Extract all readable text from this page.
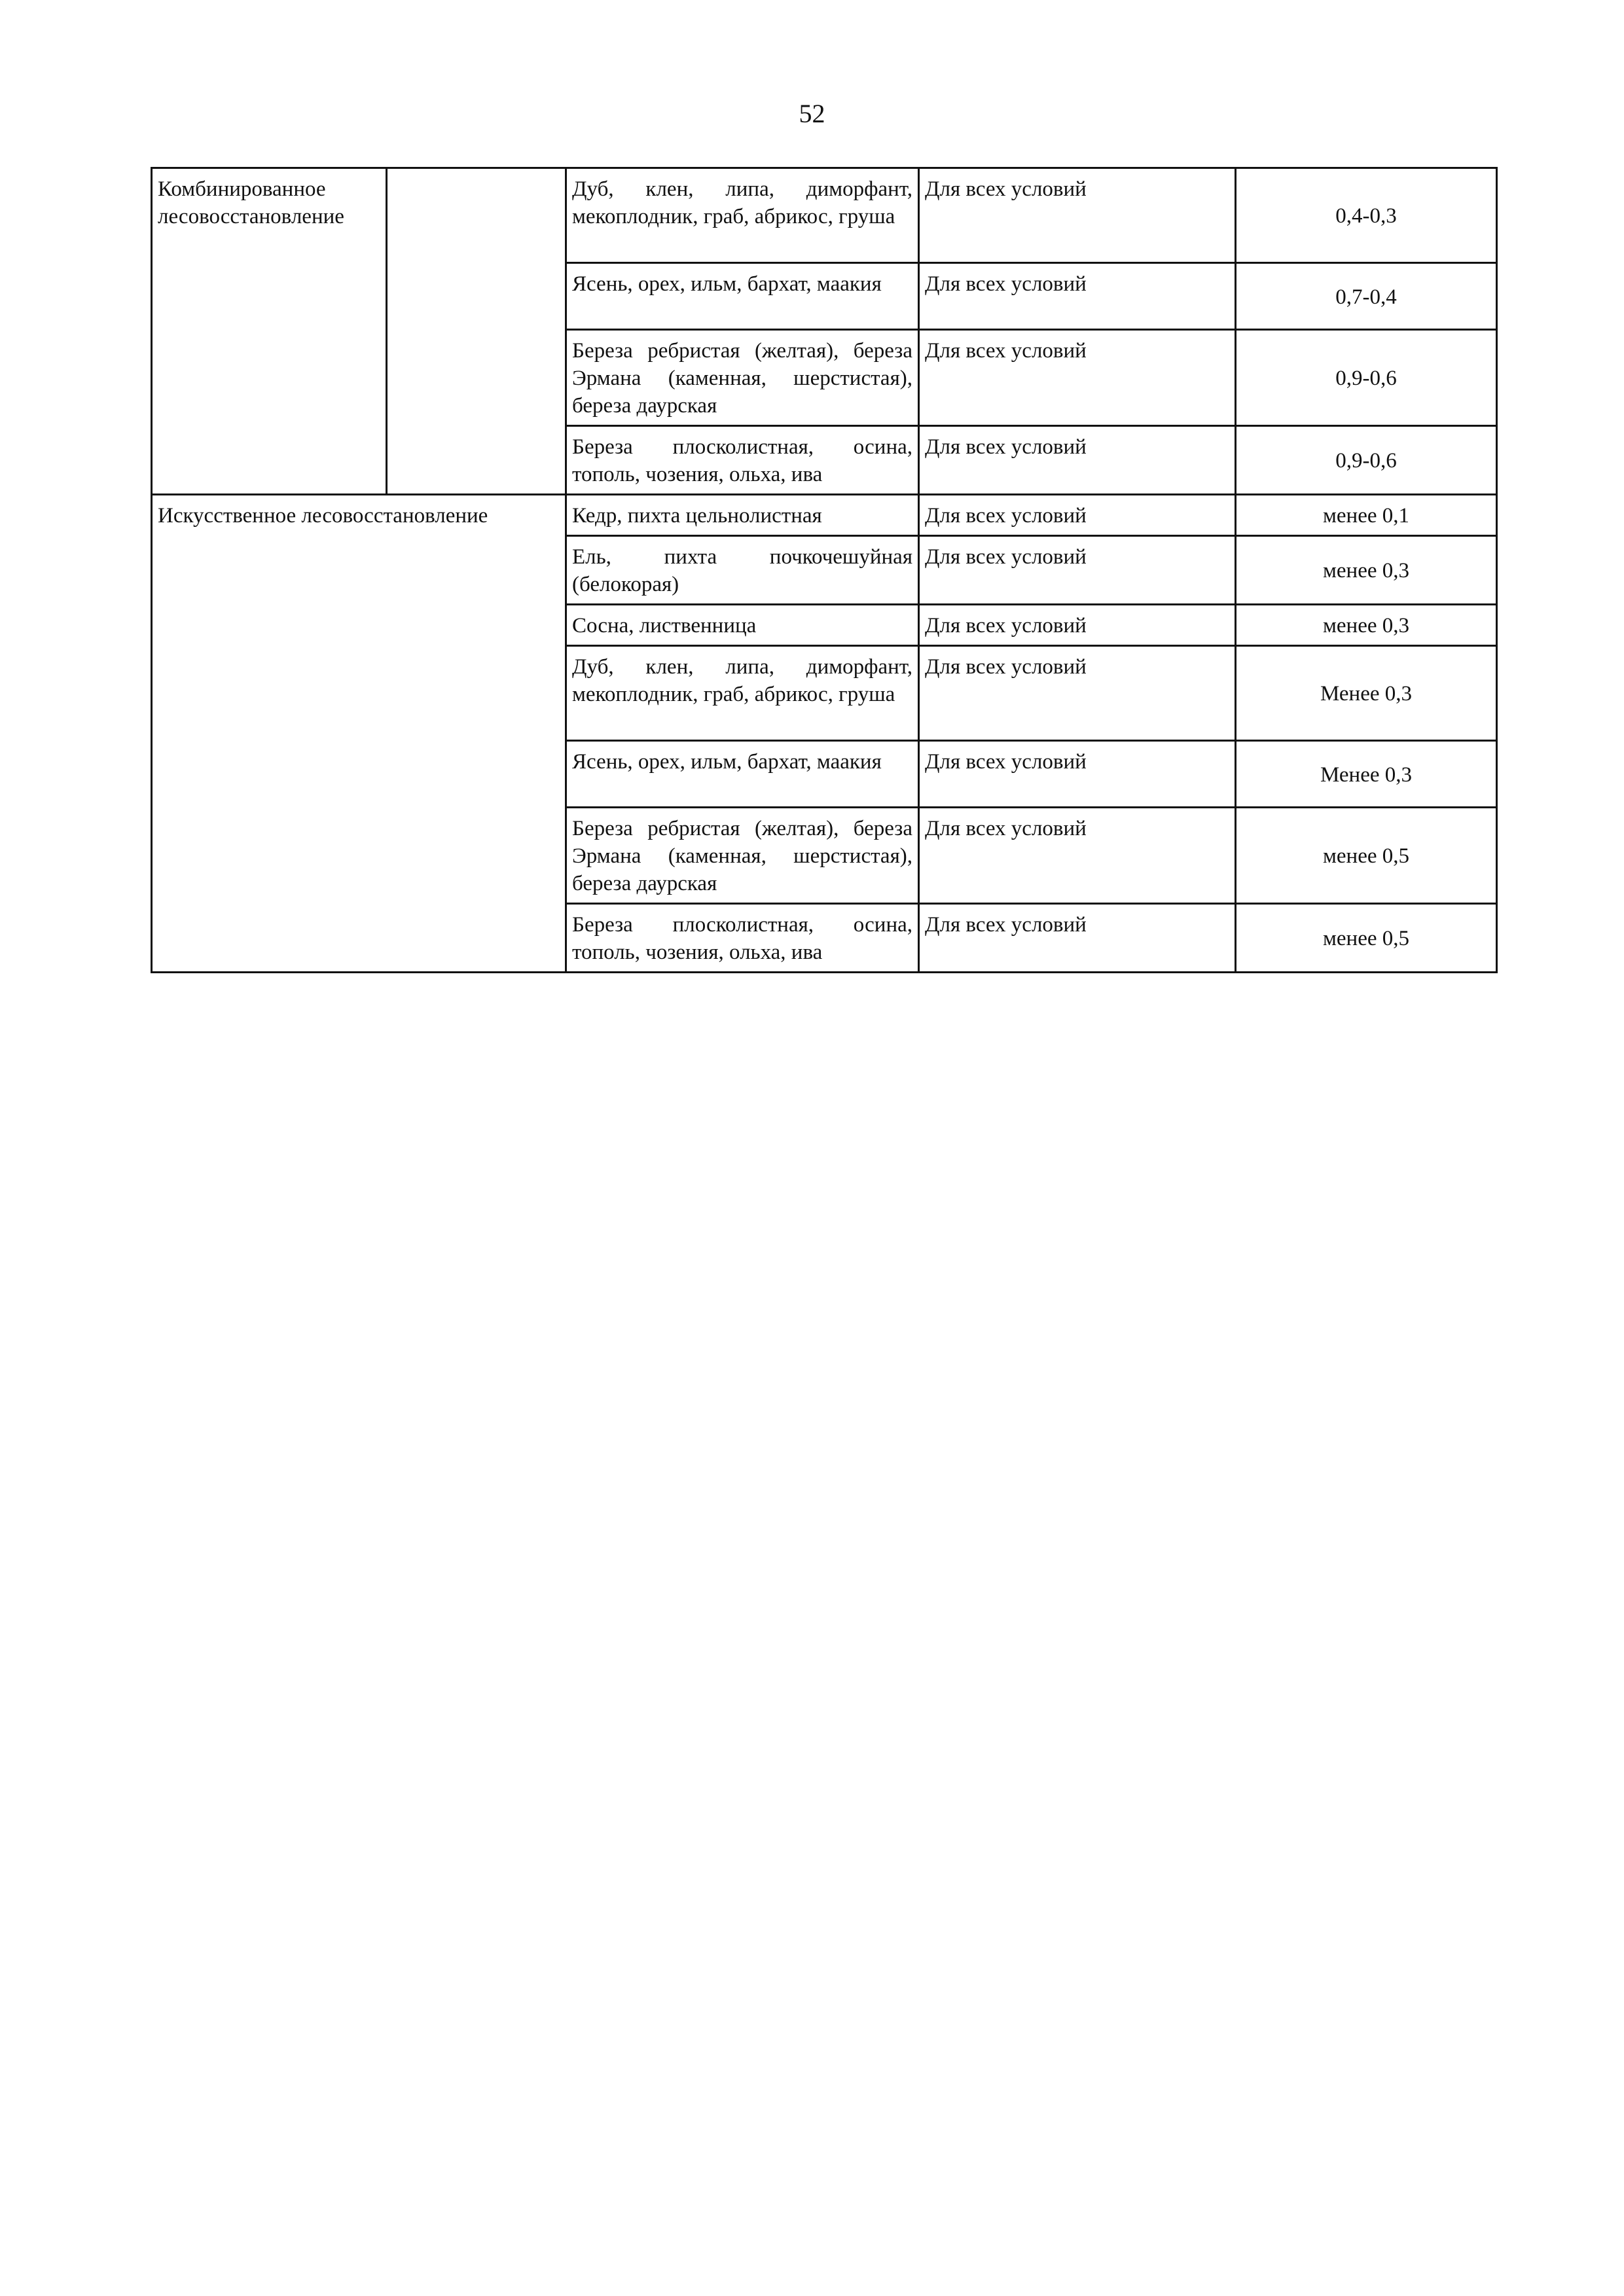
52
Комбинированное лесовосстановление		Дуб, клен, липа, диморфант, мекоплодник, граб, абрикос, груша	Для всех условий	0,4-0,3
		Ясень, орех, ильм, бархат, маакия	Для всех условий	0,7-0,4
		Береза ребристая (желтая), береза Эрмана (каменная, шерстистая), береза даурская	Для всех условий	0,9-0,6
		Береза плосколистная, осина, тополь, чозения, ольха, ива	Для всех условий	0,9-0,6
Искусственное лесовосстановление		Кедр, пихта цельнолистная	Для всех условий	менее 0,1
		Ель, пихта почкочешуйная (белокорая)	Для всех условий	менее 0,3
		Сосна, лиственница	Для всех условий	менее 0,3
		Дуб, клен, липа, диморфант, мекоплодник, граб, абрикос, груша	Для всех условий	Менее 0,3
		Ясень, орех, ильм, бархат, маакия	Для всех условий	Менее 0,3
		Береза ребристая (желтая), береза Эрмана (каменная, шерстистая), береза даурская	Для всех условий	менее 0,5
		Береза плосколистная, осина, тополь, чозения, ольха, ива	Для всех условий	менее 0,5
